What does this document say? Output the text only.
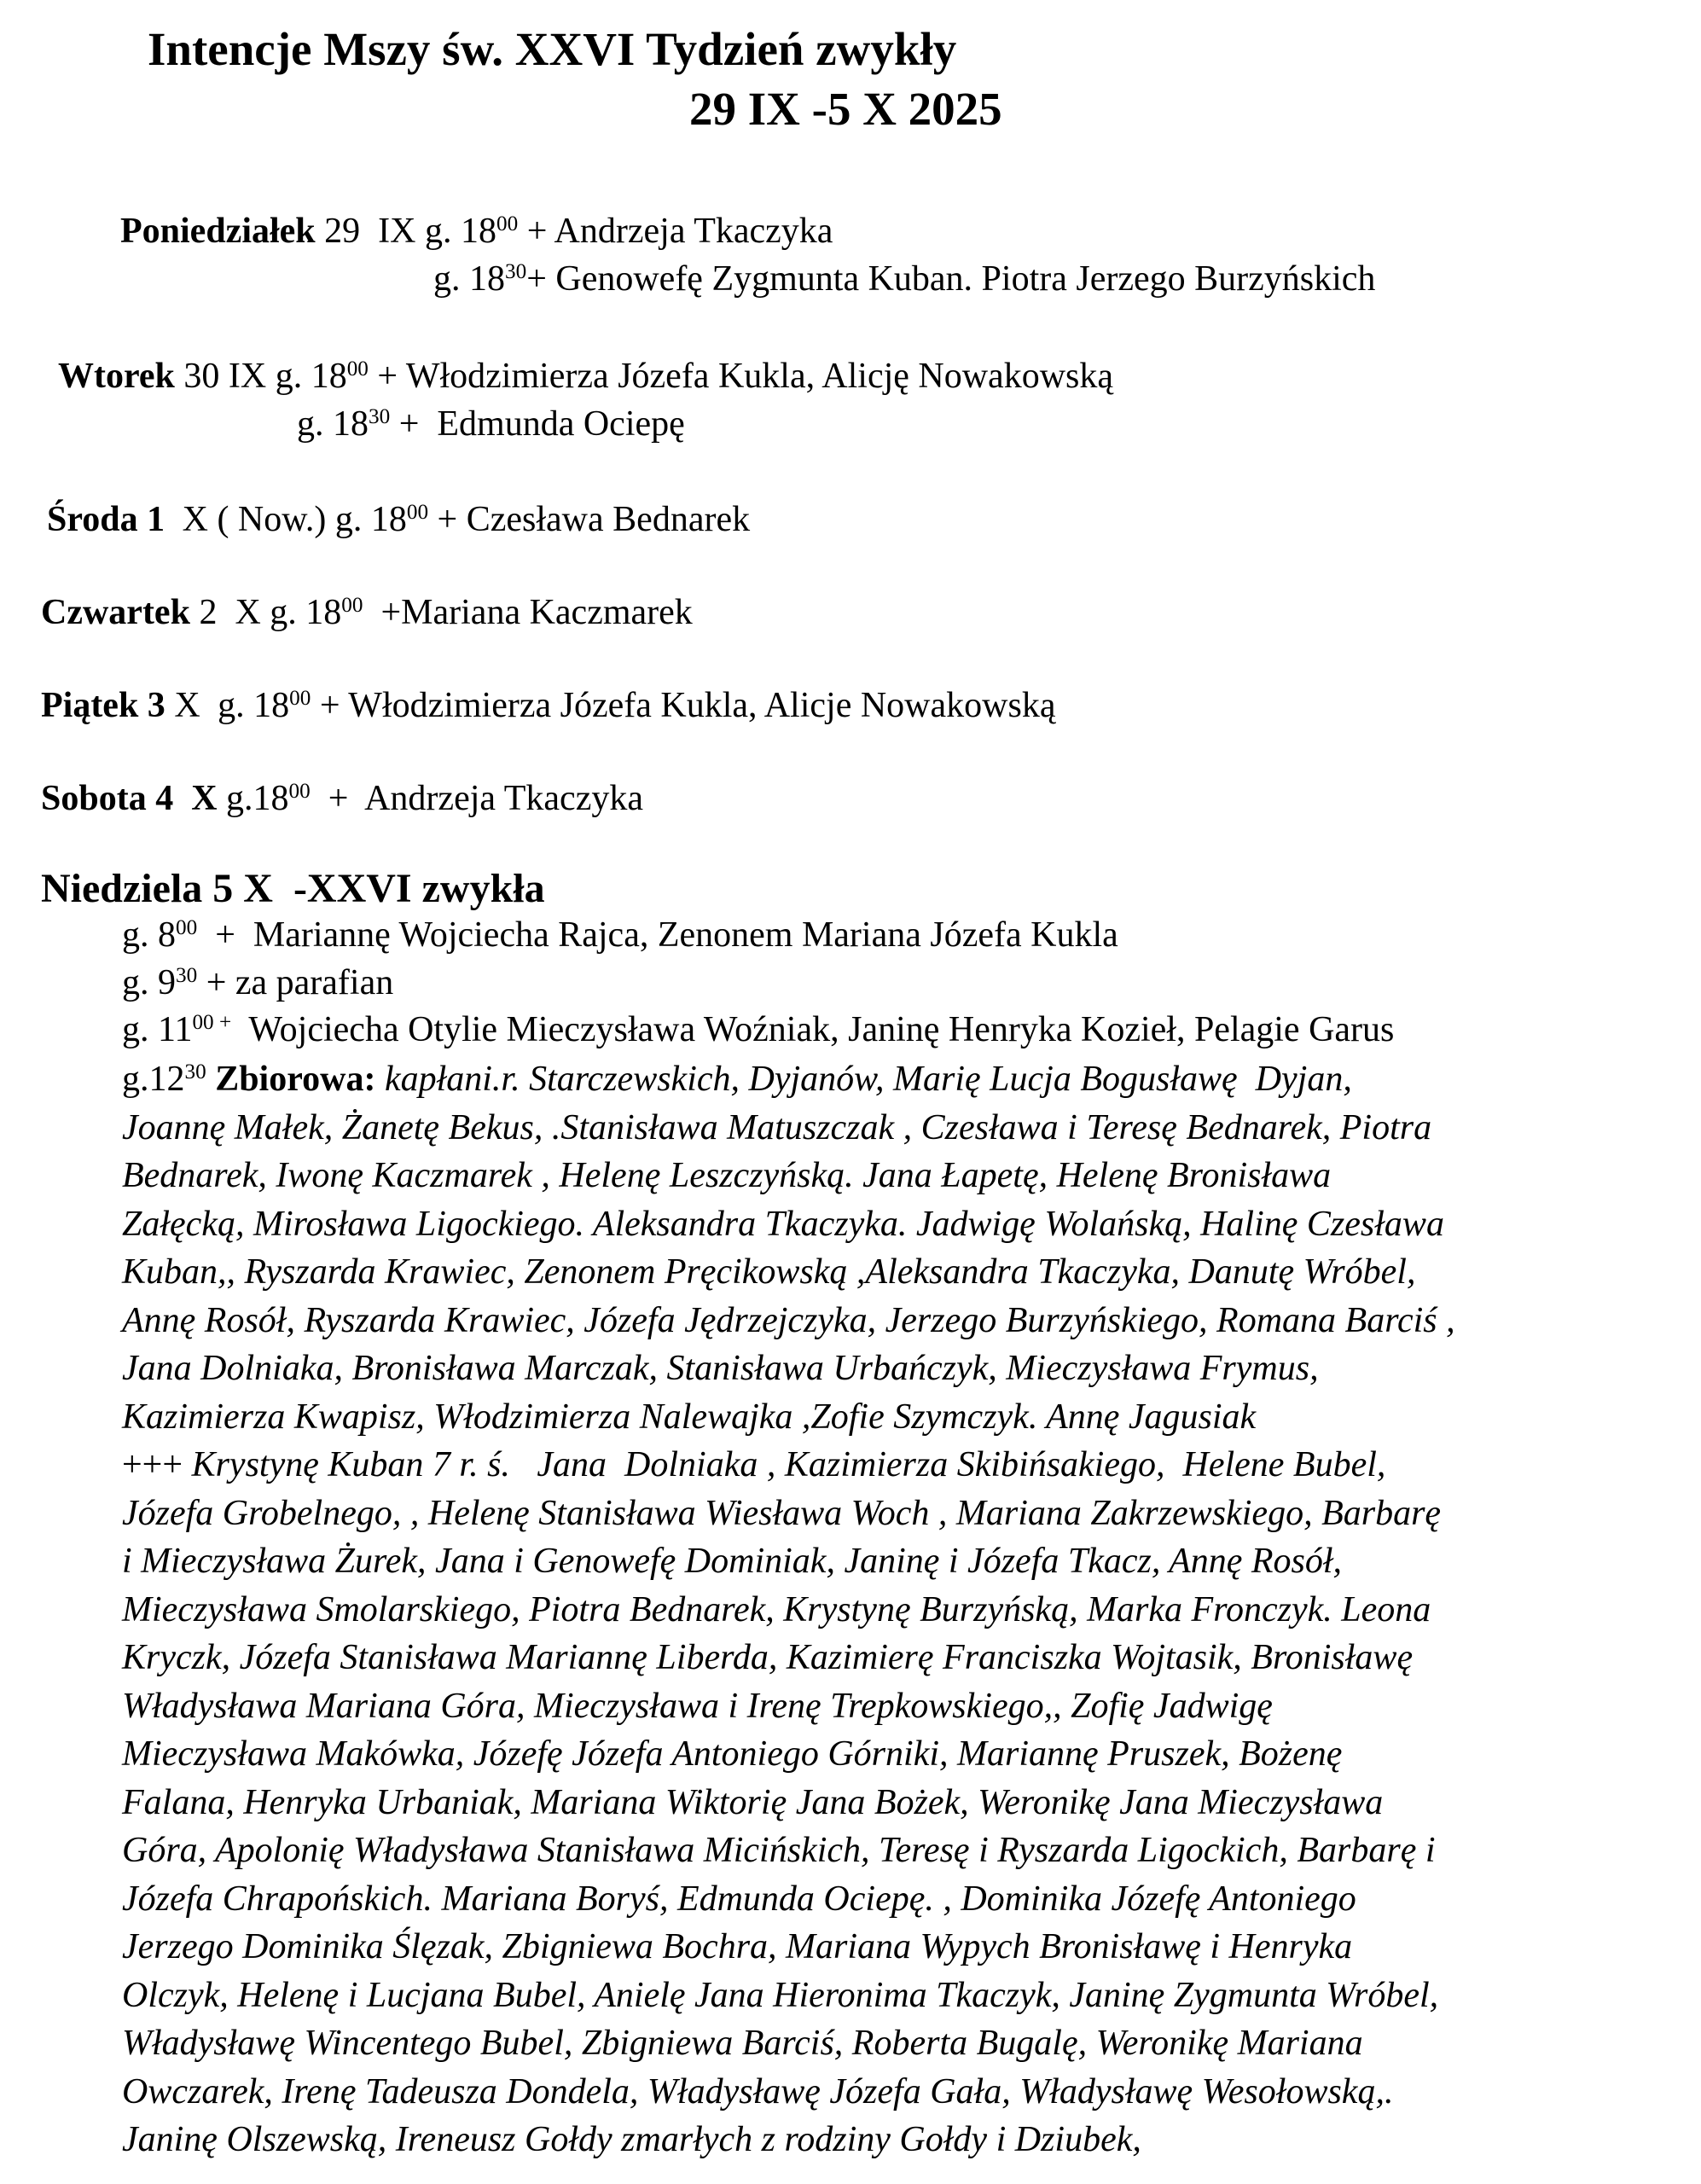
Intencje Mszy św. XXVI Tydzień zwykły
29 IX -5 X 2025
Poniedziałek 29  IX g. $18^{00}$ + Andrzeja Tkaczyka
g. $18^{30}+$ Genowefę Zygmunta Kuban. Piotra Jerzego Burzyńskich
Wtorek 30 IX g. $18^{00}$ + Włodzimierza Józefa Kukla, Alicję Nowakowską
g. $18^{30}$ +  Edmunda Ociepę
Środa 1 X ( Now.) g. $18^{00}$ + Czesława Bednarek
Czwartek 2  X g. $18^{00}$  +Mariana Kaczmarek
Piątek 3 X g. $18^{00}$ + Włodzimierza Józefa Kukla, Alicje Nowakowską
Sobota 4  X $g.18^{00}$  +  Andrzeja Tkaczyka
Niedziela 5 X  -XXVI zwykła
g. $8^{00}$  +  Mariannę Wojciecha Rajca, Zenonem Mariana Józefa Kukla
g. $9^{30}$ + za parafian
g. $11^{00 +}$  Wojciecha Otylie Mieczysława Woźniak, Janinę Henryka Kozieł, Pelagie Garus
$g.12^{30}$ Zbiorowa: kapłani.r. Starczewskich, Dyjanów, Marię Lucja Bogusławę  Dyjan,
Joannę Małek, Żanetę Bekus, .Stanisława Matuszczak , Czesława i Teresę Bednarek, Piotra
Bednarek, Iwonę Kaczmarek , Helenę Leszczyńską. Jana Łapetę, Helenę Bronisława
Załęcką, Mirosława Ligockiego. Aleksandra Tkaczyka. Jadwigę Wolańską, Halinę Czesława
Kuban,, Ryszarda Krawiec, Zenonem Pręcikowską ,Aleksandra Tkaczyka, Danutę Wróbel,
Annę Rosół, Ryszarda Krawiec, Józefa Jędrzejczyka, Jerzego Burzyńskiego, Romana Barciś ,
Jana Dolniaka, Bronisława Marczak, Stanisława Urbańczyk, Mieczysława Frymus,
Kazimierza Kwapisz, Włodzimierza Nalewajka ,Zofie Szymczyk. Annę Jagusiak
+++ Krystynę Kuban 7 r. ś.   Jana  Dolniaka , Kazimierza Skibińsakiego,  Helene Bubel,
Józefa Grobelnego, , Helenę Stanisława Wiesława Woch , Mariana Zakrzewskiego, Barbarę
i Mieczysława Żurek, Jana i Genowefę Dominiak, Janinę i Józefa Tkacz, Annę Rosół,
Mieczysława Smolarskiego, Piotra Bednarek, Krystynę Burzyńską, Marka Fronczyk. Leona
Kryczk, Józefa Stanisława Mariannę Liberda, Kazimierę Franciszka Wojtasik, Bronisławę
Władysława Mariana Góra, Mieczysława i Irenę Trepkowskiego,, Zofię Jadwigę
Mieczysława Makówka, Józefę Józefa Antoniego Górniki, Mariannę Pruszek, Bożenę
Falana, Henryka Urbaniak, Mariana Wiktorię Jana Bożek, Weronikę Jana Mieczysława
Góra, Apolonię Władysława Stanisława Micińskich, Teresę i Ryszarda Ligockich, Barbarę i
Józefa Chrapońskich. Mariana Boryś, Edmunda Ociepę. , Dominika Józefę Antoniego
Jerzego Dominika Ślęzak, Zbigniewa Bochra, Mariana Wypych Bronisławę i Henryka
Olczyk, Helenę i Lucjana Bubel, Anielę Jana Hieronima Tkaczyk, Janinę Zygmunta Wróbel,
Władysławę Wincentego Bubel, Zbigniewa Barciś, Roberta Bugalę, Weronikę Mariana
Owczarek, Irenę Tadeusza Dondela, Władysławę Józefa Gała, Władysławę Wesołowską,.
Janinę Olszewską, Ireneusz Gołdy zmarłych z rodziny Gołdy i Dziubek,
